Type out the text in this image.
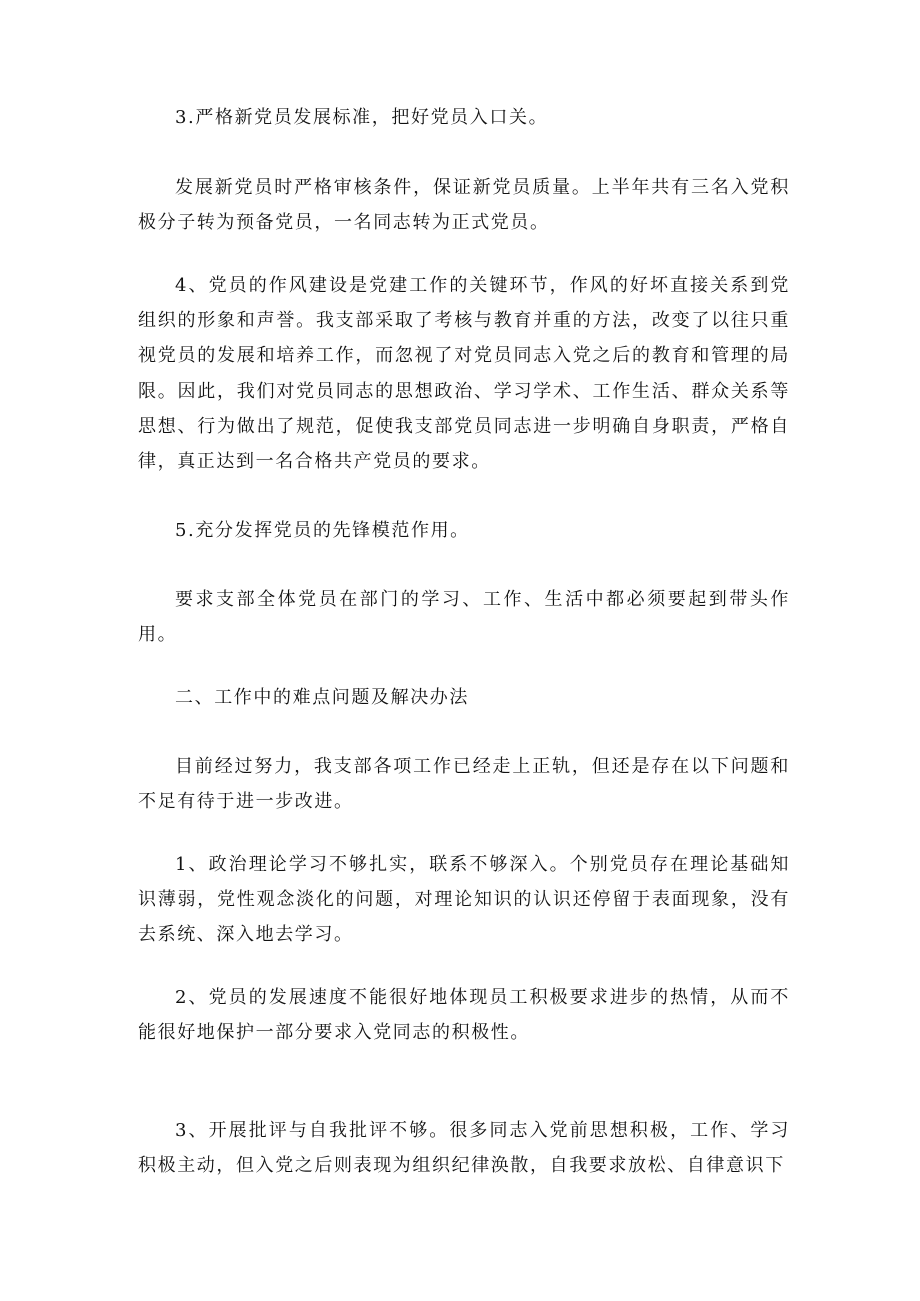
3.严格新党员发展标准，把好党员入口关。

发展新党员时严格审核条件，保证新党员质量。上半年共有三名入党积极分子转为预备党员，一名同志转为正式党员。

4、党员的作风建设是党建工作的关键环节，作风的好坏直接关系到党组织的形象和声誉。我支部采取了考核与教育并重的方法，改变了以往只重视党员的发展和培养工作，而忽视了对党员同志入党之后的教育和管理的局限。因此，我们对党员同志的思想政治、学习学术、工作生活、群众关系等思想、行为做出了规范，促使我支部党员同志进一步明确自身职责，严格自律，真正达到一名合格共产党员的要求。

5.充分发挥党员的先锋模范作用。

要求支部全体党员在部门的学习、工作、生活中都必须要起到带头作用。

二、工作中的难点问题及解决办法

目前经过努力，我支部各项工作已经走上正轨，但还是存在以下问题和不足有待于进一步改进。

1、政治理论学习不够扎实，联系不够深入。个别党员存在理论基础知识薄弱，党性观念淡化的问题，对理论知识的认识还停留于表面现象，没有去系统、深入地去学习。

2、党员的发展速度不能很好地体现员工积极要求进步的热情，从而不能很好地保护一部分要求入党同志的积极性。

3、开展批评与自我批评不够。很多同志入党前思想积极，工作、学习积极主动，但入党之后则表现为组织纪律涣散，自我要求放松、自律意识下
